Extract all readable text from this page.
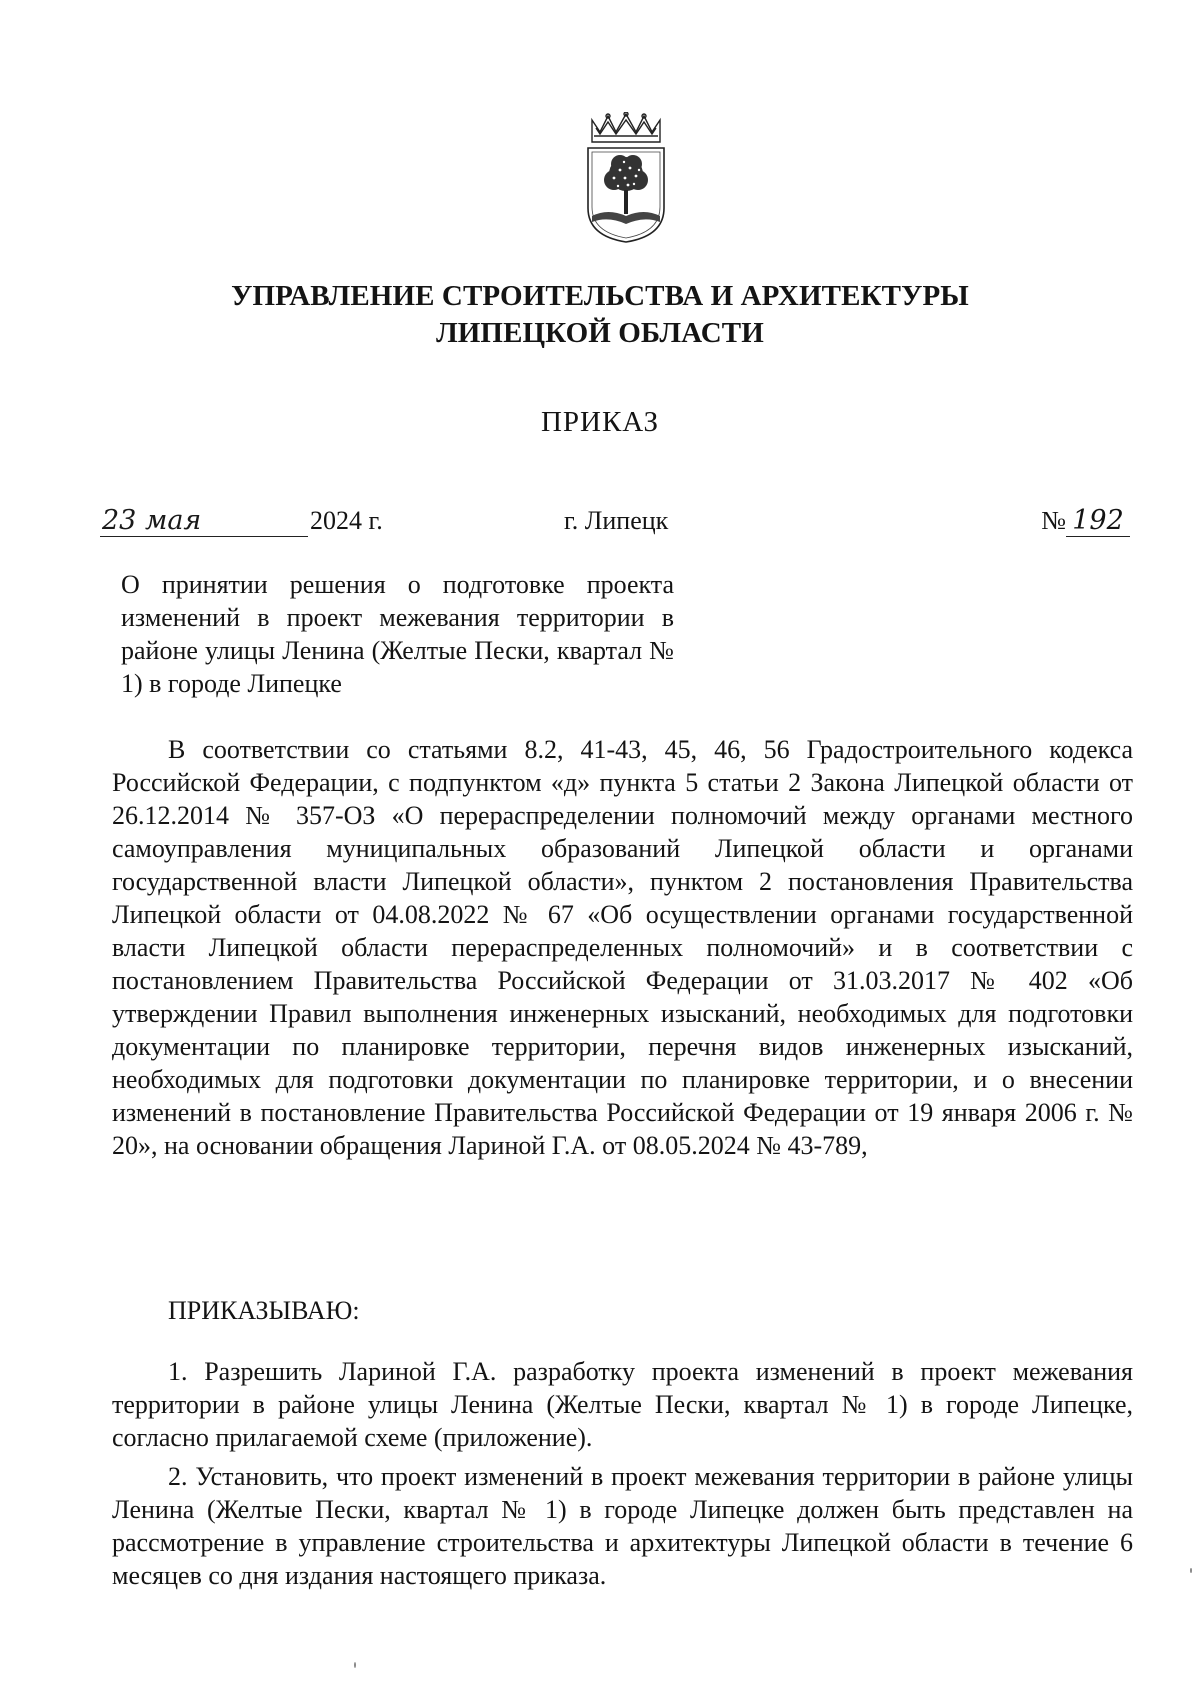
УПРАВЛЕНИЕ СТРОИТЕЛЬСТВА И АРХИТЕКТУРЫ
ЛИПЕЦКОЙ ОБЛАСТИ
ПРИКАЗ
23 мая	2024 г.	г. Липецк	№ 192
О принятии решения о подготовке проекта изменений в проект межевания территории в районе улицы Ленина (Желтые Пески, квартал № 1) в городе Липецке
В соответствии со статьями 8.2, 41-43, 45, 46, 56 Градостроительного кодекса Российской Федерации, с подпунктом «д» пункта 5 статьи 2 Закона Липецкой области от 26.12.2014 № 357-ОЗ «О перераспределении полномочий между органами местного самоуправления муниципальных образований Липецкой области и органами государственной власти Липецкой области», пунктом 2 постановления Правительства Липецкой области от 04.08.2022 № 67 «Об осуществлении органами государственной власти Липецкой области перераспределенных полномочий» и в соответствии с постановлением Правительства Российской Федерации от 31.03.2017 № 402 «Об утверждении Правил выполнения инженерных изысканий, необходимых для подготовки документации по планировке территории, перечня видов инженерных изысканий, необходимых для подготовки документации по планировке территории, и о внесении изменений в постановление Правительства Российской Федерации от 19 января 2006 г. № 20», на основании обращения Лариной Г.А. от 08.05.2024 № 43-789,
ПРИКАЗЫВАЮ:
1. Разрешить Лариной Г.А. разработку проекта изменений в проект межевания территории в районе улицы Ленина (Желтые Пески, квартал № 1) в городе Липецке, согласно прилагаемой схеме (приложение).
2. Установить, что проект изменений в проект межевания территории в районе улицы Ленина (Желтые Пески, квартал № 1) в городе Липецке должен быть представлен на рассмотрение в управление строительства и архитектуры Липецкой области в течение 6 месяцев со дня издания настоящего приказа.
